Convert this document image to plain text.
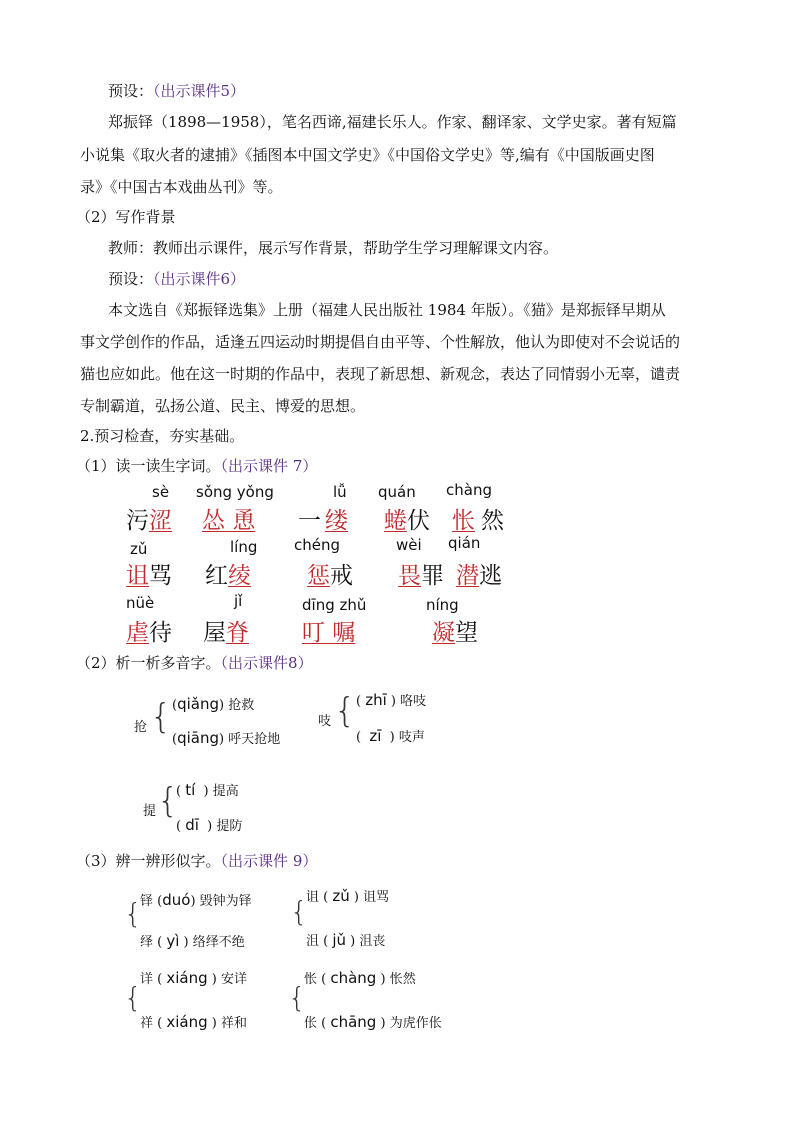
预设：（出示课件5）
郑振铎（1898—1958），笔名西谛,福建长乐人。作家、翻译家、文学史家。著有短篇
小说集《取火者的逮捕》《插图本中国文学史》《中国俗文学史》等,编有《中国版画史图
录》《中国古本戏曲丛刊》等。
（2）写作背景
教师：教师出示课件，展示写作背景，帮助学生学习理解课文内容。
预设：（出示课件6）
本文选自《郑振铎选集》上册（福建人民出版社 1984 年版）。《猫》是郑振铎早期从
事文学创作的作品，适逢五四运动时期提倡自由平等、个性解放，他认为即使对不会说话的
猫也应如此。他在这一时期的作品中，表现了新思想、新观念，表达了同情弱小无辜，谴责
专制霸道，弘扬公道、民主、博爱的思想。
2.预习检查，夯实基础。
（1）读一读生字词。（出示课件 7）
sè
污涩
sǒng yǒng
怂 恿
lǚ
一 缕
quán
蜷伏
chàng
怅 然
zǔ
诅骂
líng
红绫
chéng
惩戒
wèi
畏罪
qián
潜逃
nüè
虐待
jǐ
屋脊
dīng zhǔ
叮 嘱
níng
凝望
（2）析一析多音字。（出示课件8）
抢 { (qiǎng) 抢救
(qiāng) 呼天抢地
吱 { ( zhī ) 咯吱
(  zī  ) 吱声
提 {
( tí  ) 提高
( dī  ) 提防
（3）辨一辨形似字。（出示课件 9）
{
铎 (duó) 毁钟为铎
绎 ( yì ) 络绎不绝
{
诅 ( zǔ ) 诅骂
沮 ( jǔ ) 沮丧
{
详 ( xiáng ) 安详
祥 ( xiáng ) 祥和
{
怅 ( chàng ) 怅然
伥 ( chāng ) 为虎作伥
